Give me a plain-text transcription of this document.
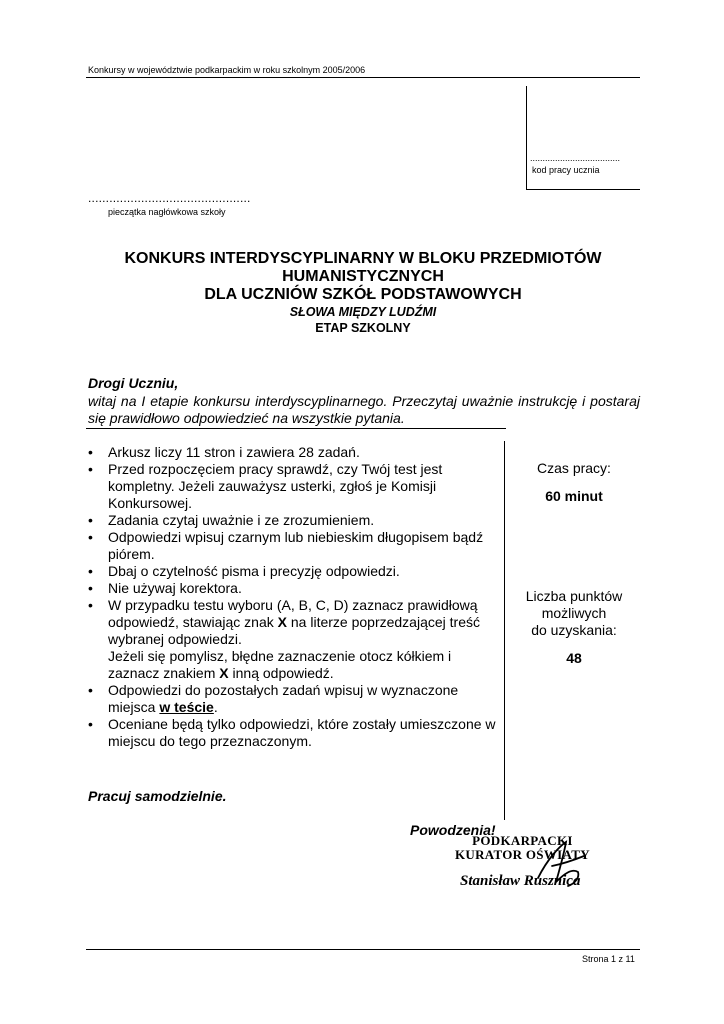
Konkursy w województwie podkarpackim w roku szkolnym 2005/2006
....................................
kod pracy ucznia
..............................................
pieczątka nagłówkowa szkoły
KONKURS INTERDYSCYPLINARNY W BLOKU PRZEDMIOTÓW
HUMANISTYCZNYCH
DLA UCZNIÓW SZKÓŁ PODSTAWOWYCH
SŁOWA MIĘDZY LUDŹMI
ETAP SZKOLNY
Drogi Uczniu,
witaj na I etapie konkursu interdyscyplinarnego. Przeczytaj uważnie instrukcję i postaraj się prawidłowo odpowiedzieć na wszystkie pytania.
• Arkusz liczy 11 stron i zawiera 28 zadań.
• Przed rozpoczęciem pracy sprawdź, czy Twój test jest kompletny. Jeżeli zauważysz usterki, zgłoś je Komisji Konkursowej.
• Zadania czytaj uważnie i ze zrozumieniem.
• Odpowiedzi wpisuj czarnym lub niebieskim długopisem bądź piórem.
• Dbaj o czytelność pisma i precyzję odpowiedzi.
• Nie używaj korektora.
• W przypadku testu wyboru (A, B, C, D) zaznacz prawidłową odpowiedź, stawiając znak X na literze poprzedzającej treść wybranej odpowiedzi.
Jeżeli się pomylisz, błędne zaznaczenie otocz kółkiem i zaznacz znakiem X inną odpowiedź.
• Odpowiedzi do pozostałych zadań wpisuj w wyznaczone miejsca w teście.
• Oceniane będą tylko odpowiedzi, które zostały umieszczone w miejscu do tego przeznaczonym.
Czas pracy:
60 minut
Liczba punktów
możliwych
do uzyskania:
48
Pracuj samodzielnie.
Powodzenia!
PODKARPACKI
KURATOR OŚWIATY
Stanisław Rusznica
Strona 1 z 11
